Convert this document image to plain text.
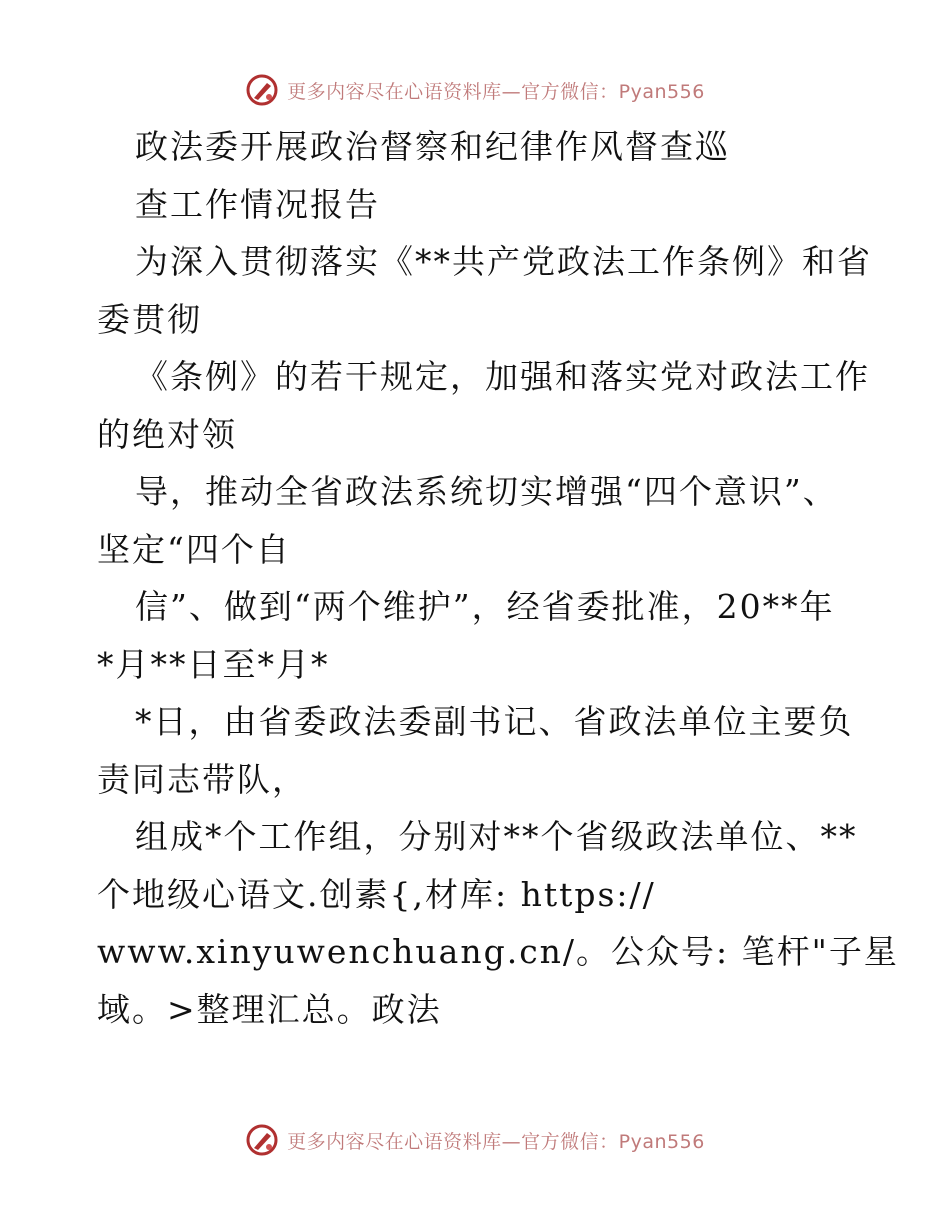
更多内容尽在心语资料库—官方微信：Pyan556
政法委开展政治督察和纪律作风督查巡
查工作情况报告
为深入贯彻落实《**共产党政法工作条例》和省
委贯彻
《条例》的若干规定，加强和落实党对政法工作
的绝对领
导，推动全省政法系统切实增强“四个意识”、
坚定“四个自
信”、做到“两个维护”，经省委批准，20**年
*月**日至*月*
*日，由省委政法委副书记、省政法单位主要负
责同志带队，
组成*个工作组，分别对**个省级政法单位、**
个地级心语文.创素{,材库: https://
www.xinyuwenchuang.cn/。公众号: 笔杆"子星
域。>整理汇总。政法
更多内容尽在心语资料库—官方微信：Pyan556
